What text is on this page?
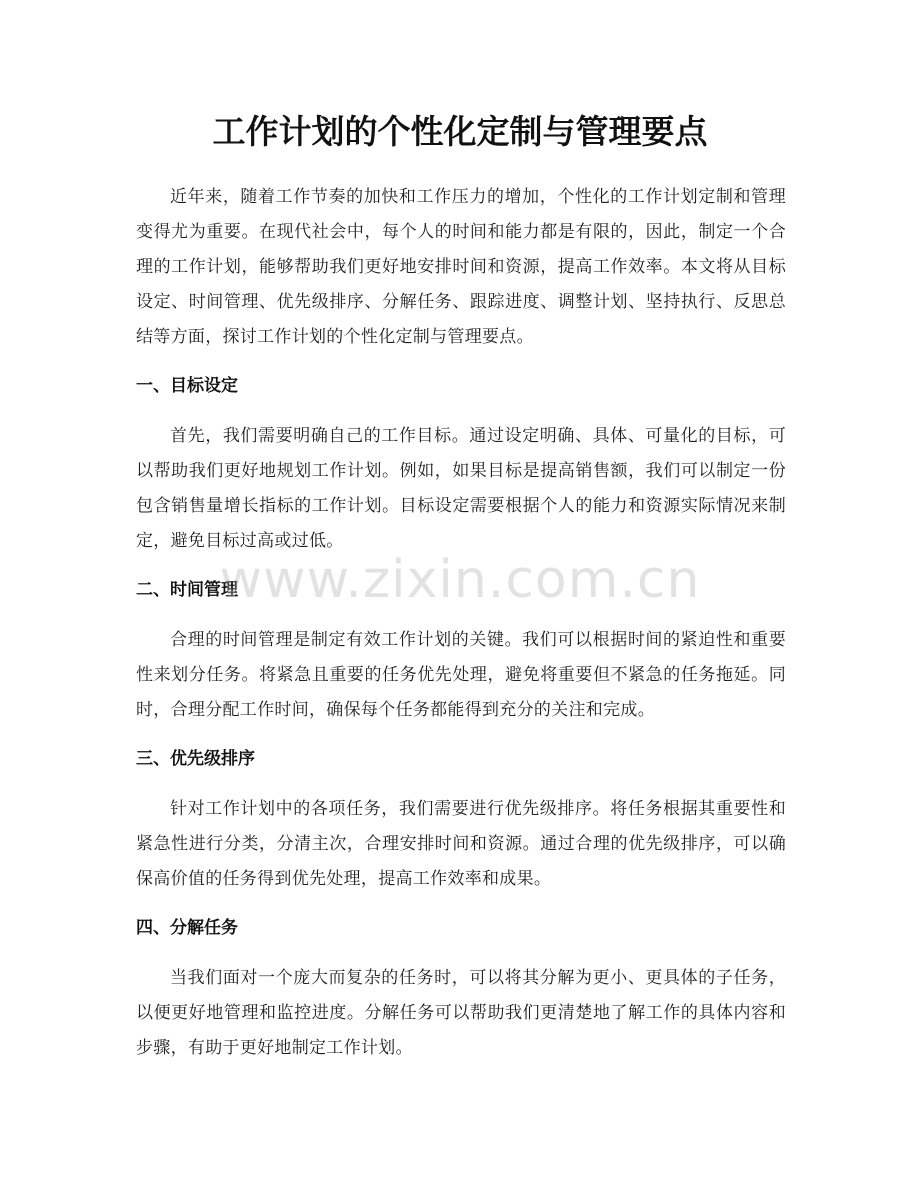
工作计划的个性化定制与管理要点

近年来，随着工作节奏的加快和工作压力的增加，个性化的工作计划定制和管理变得尤为重要。在现代社会中，每个人的时间和能力都是有限的，因此，制定一个合理的工作计划，能够帮助我们更好地安排时间和资源，提高工作效率。本文将从目标设定、时间管理、优先级排序、分解任务、跟踪进度、调整计划、坚持执行、反思总结等方面，探讨工作计划的个性化定制与管理要点。

一、目标设定

首先，我们需要明确自己的工作目标。通过设定明确、具体、可量化的目标，可以帮助我们更好地规划工作计划。例如，如果目标是提高销售额，我们可以制定一份包含销售量增长指标的工作计划。目标设定需要根据个人的能力和资源实际情况来制定，避免目标过高或过低。

二、时间管理

合理的时间管理是制定有效工作计划的关键。我们可以根据时间的紧迫性和重要性来划分任务。将紧急且重要的任务优先处理，避免将重要但不紧急的任务拖延。同时，合理分配工作时间，确保每个任务都能得到充分的关注和完成。

三、优先级排序

针对工作计划中的各项任务，我们需要进行优先级排序。将任务根据其重要性和紧急性进行分类，分清主次，合理安排时间和资源。通过合理的优先级排序，可以确保高价值的任务得到优先处理，提高工作效率和成果。

四、分解任务

当我们面对一个庞大而复杂的任务时，可以将其分解为更小、更具体的子任务，以便更好地管理和监控进度。分解任务可以帮助我们更清楚地了解工作的具体内容和步骤，有助于更好地制定工作计划。

www.zixin.com.cn
